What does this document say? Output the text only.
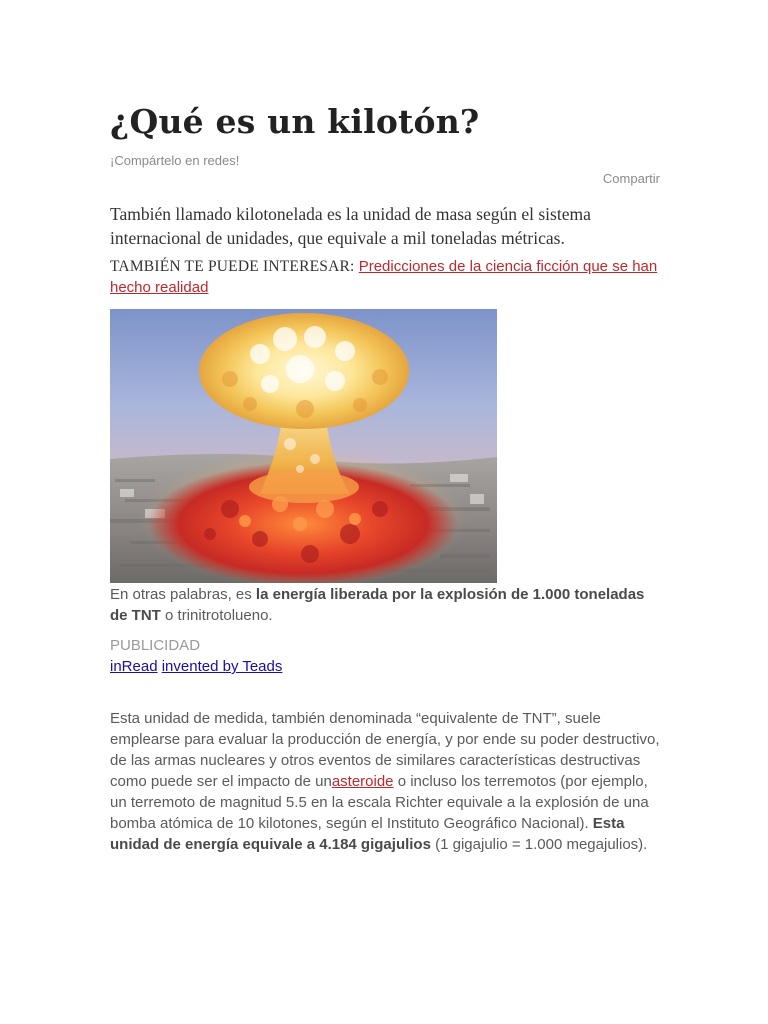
¿Qué es un kilotón?
¡Compártelo en redes!
Compartir

También llamado kilotonelada es la unidad de masa según el sistema internacional de unidades, que equivale a mil toneladas métricas.

TAMBIÉN TE PUEDE INTERESAR: Predicciones de la ciencia ficción que se han hecho realidad

En otras palabras, es la energía liberada por la explosión de 1.000 toneladas de TNT o trinitrotolueno.

PUBLICIDAD
inRead invented by Teads

Esta unidad de medida, también denominada “equivalente de TNT”, suele emplearse para evaluar la producción de energía, y por ende su poder destructivo, de las armas nucleares y otros eventos de similares características destructivas como puede ser el impacto de unasteroide o incluso los terremotos (por ejemplo, un terremoto de magnitud 5.5 en la escala Richter equivale a la explosión de una bomba atómica de 10 kilotones, según el Instituto Geográfico Nacional). Esta unidad de energía equivale a 4.184 gigajulios (1 gigajulio = 1.000 megajulios).
